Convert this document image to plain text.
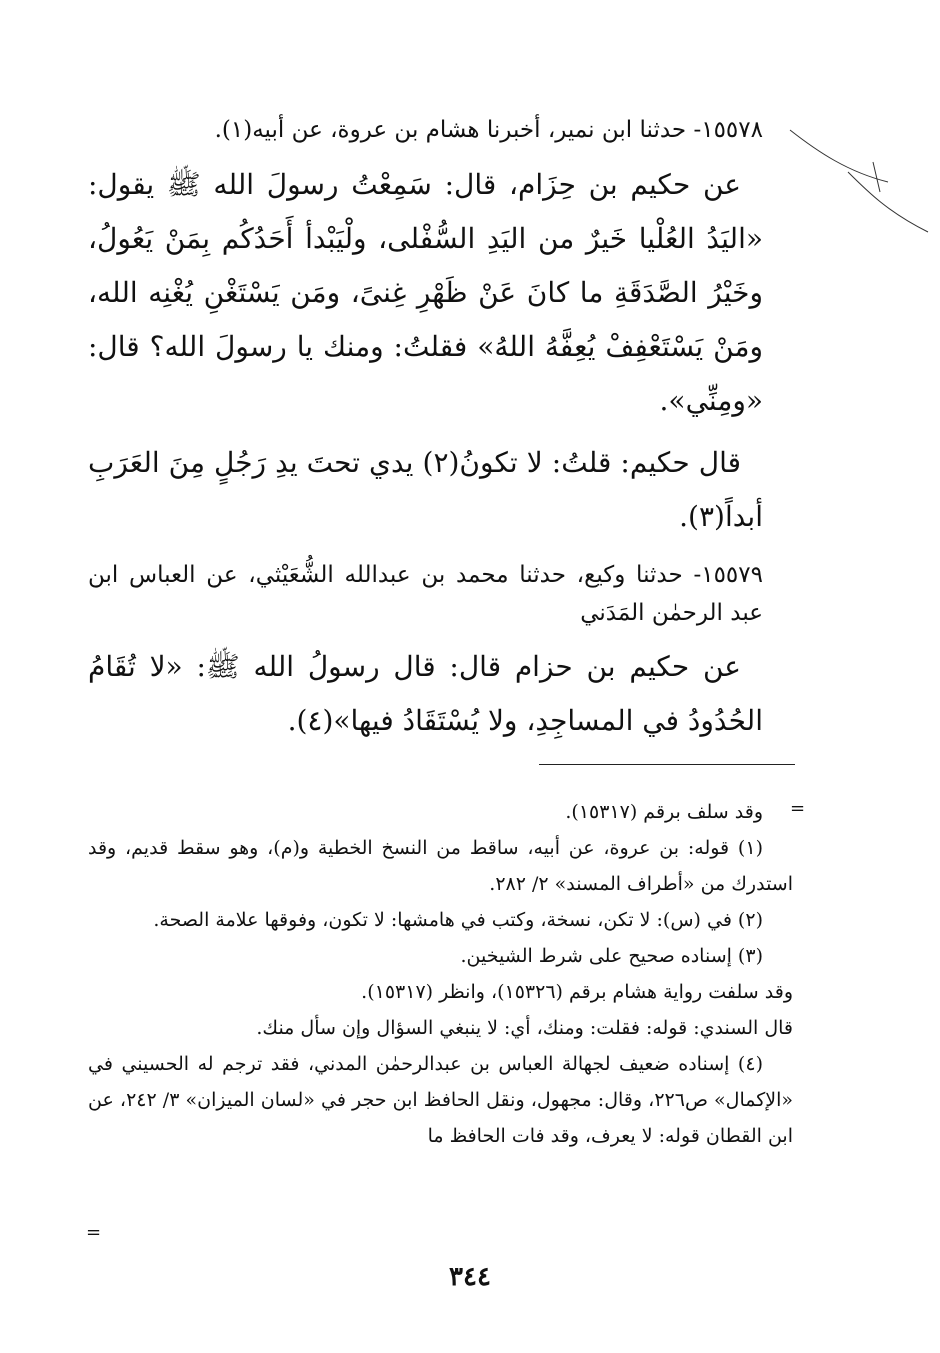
١٥٥٧٨- حدثنا ابن نمير، أخبرنا هشام بن عروة، عن أبيه(١).

عن حكيم بن حِزَام، قال: سَمِعْتُ رسولَ الله ﷺ يقول: «اليَدُ العُلْيا خَيرٌ من اليَدِ السُّفْلى، ولْيَبْدأ أَحَدُكُم بِمَنْ يَعُولُ، وخَيْرُ الصَّدَقَةِ ما كانَ عَنْ ظَهْرِ غِنىً، ومَن يَسْتَغْنِ يُغْنِه الله، ومَنْ يَسْتَعْفِفْ يُعِفَّهُ اللهُ» فقلتُ: ومنك يا رسولَ الله؟ قال: «ومِنِّي».

قال حكيم: قلتُ: لا تكونُ(٢) يدي تحتَ يدِ رَجُلٍ مِنَ العَرَبِ أبداً(٣).

١٥٥٧٩- حدثنا وكيع، حدثنا محمد بن عبدالله الشُّعَيْثي، عن العباس ابن عبد الرحمٰن المَدَني

عن حكيم بن حزام قال: قال رسولُ الله ﷺ: «لا تُقَامُ الحُدُودُ في المساجِدِ، ولا يُسْتَقَادُ فيها»(٤).

=

وقد سلف برقم (١٥٣١٧).

(١) قوله: بن عروة، عن أبيه، ساقط من النسخ الخطية و(م)، وهو سقط قديم، وقد استدرك من «أطراف المسند» ٢/ ٢٨٢.

(٢) في (س): لا تكن، نسخة، وكتب في هامشها: لا تكون، وفوقها علامة الصحة.

(٣) إسناده صحيح على شرط الشيخين.

وقد سلفت رواية هشام برقم (١٥٣٢٦)، وانظر (١٥٣١٧).

قال السندي: قوله: فقلت: ومنك، أي: لا ينبغي السؤال وإن سأل منك.

(٤) إسناده ضعيف لجهالة العباس بن عبدالرحمٰن المدني، فقد ترجم له الحسيني في «الإكمال» ص٢٢٦، وقال: مجهول، ونقل الحافظ ابن حجر في «لسان الميزان» ٣/ ٢٤٢، عن ابن القطان قوله: لا يعرف، وقد فات الحافظ ما

=
٣٤٤
